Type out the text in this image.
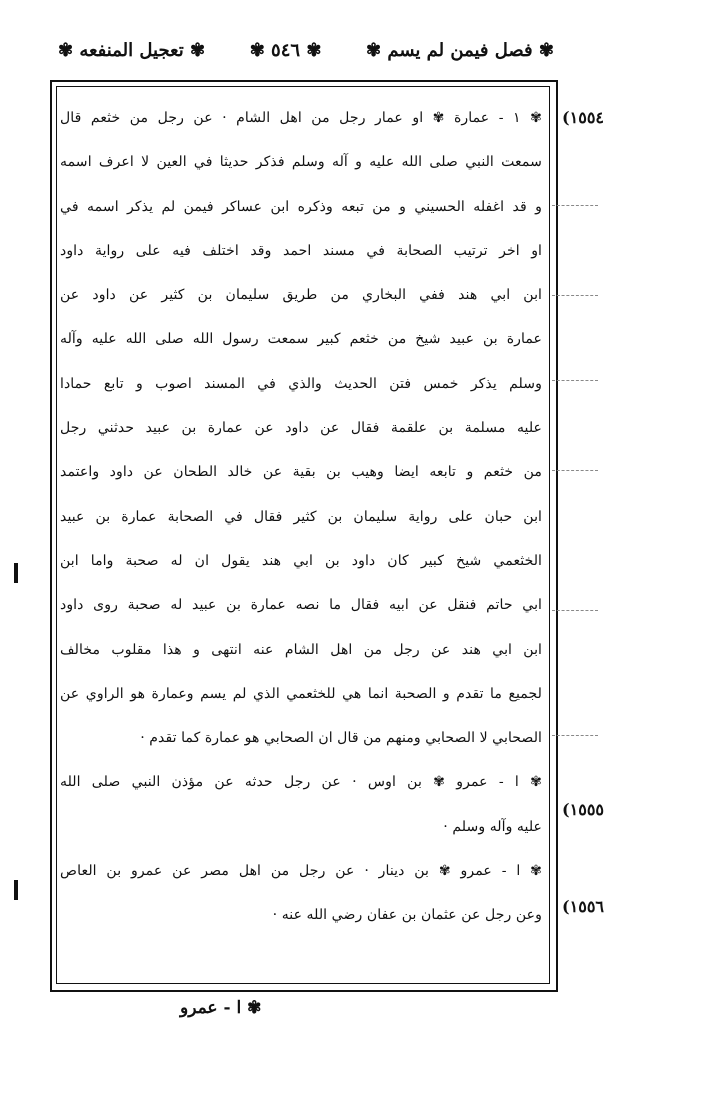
✾ فصل فيمن لم يسم ✾
✾ ٥٤٦ ✾
✾ تعجيل المنفعه ✾
(١٥٥٤
(١٥٥٥
(١٥٥٦
✾ ١ - عمارة ✾ او عمار رجل من اهل الشام · عن رجل من خثعم قال
سمعت النبي صلى الله عليه و آله وسلم فذكر حديثا في العين لا اعرف اسمه
و قد اغفله الحسيني و من تبعه وذكره ابن عساكر فيمن لم يذكر اسمه في
او اخر ترتيب الصحابة في مسند احمد وقد اختلف فيه على رواية داود
ابن ابي هند ففي البخاري من طريق سليمان بن كثير عن داود عن
عمارة بن عبيد شيخ من خثعم كبير سمعت رسول الله صلى الله عليه وآله
وسلم يذكر خمس فتن الحديث والذي في المسند اصوب و تابع حمادا
عليه مسلمة بن علقمة فقال عن داود عن عمارة بن عبيد حدثني رجل
من خثعم و تابعه ايضا وهيب بن بقية عن خالد الطحان عن داود واعتمد
ابن حبان على رواية سليمان بن كثير فقال في الصحابة عمارة بن عبيد
الخثعمي شيخ كبير كان داود بن ابي هند يقول ان له صحبة واما ابن
ابي حاتم فنقل عن ابيه فقال ما نصه عمارة بن عبيد له صحبة روى داود
ابن ابي هند عن رجل من اهل الشام عنه انتهى و هذا مقلوب مخالف
لجميع ما تقدم و الصحبة انما هي للخثعمي الذي لم يسم وعمارة هو الراوي عن
الصحابي لا الصحابي ومنهم من قال ان الصحابي هو عمارة كما تقدم ·
✾ ا - عمرو ✾ بن اوس · عن رجل حدثه عن مؤذن النبي صلى الله
عليه وآله وسلم ·
✾ ا - عمرو ✾ بن دينار · عن رجل من اهل مصر عن عمرو بن العاص
وعن رجل عن عثمان بن عفان رضي الله عنه ·
✾ ا - عمرو
